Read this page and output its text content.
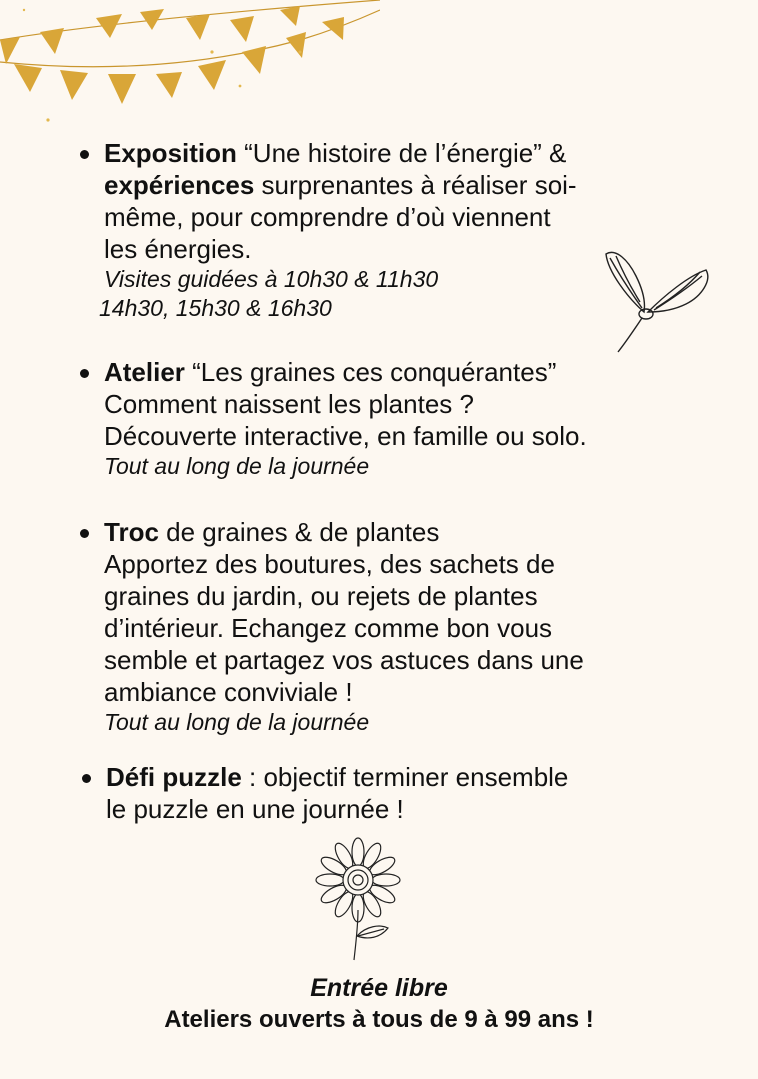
Exposition “Une histoire de l’énergie” &
expériences surprenantes à réaliser soi-
même, pour comprendre d’où viennent
les énergies.
Visites guidées à 10h30 & 11h30
14h30, 15h30 & 16h30
Atelier “Les graines ces conquérantes”
Comment naissent les plantes ?
Découverte interactive, en famille ou solo.
Tout au long de la journée
Troc de graines & de plantes
Apportez des boutures, des sachets de
graines du jardin, ou rejets de plantes
d’intérieur. Echangez comme bon vous
semble et partagez vos astuces dans une
ambiance conviviale !
Tout au long de la journée
Défi puzzle : objectif terminer ensemble
le puzzle en une journée !
Entrée libre
Ateliers ouverts à tous de 9 à 99 ans !
